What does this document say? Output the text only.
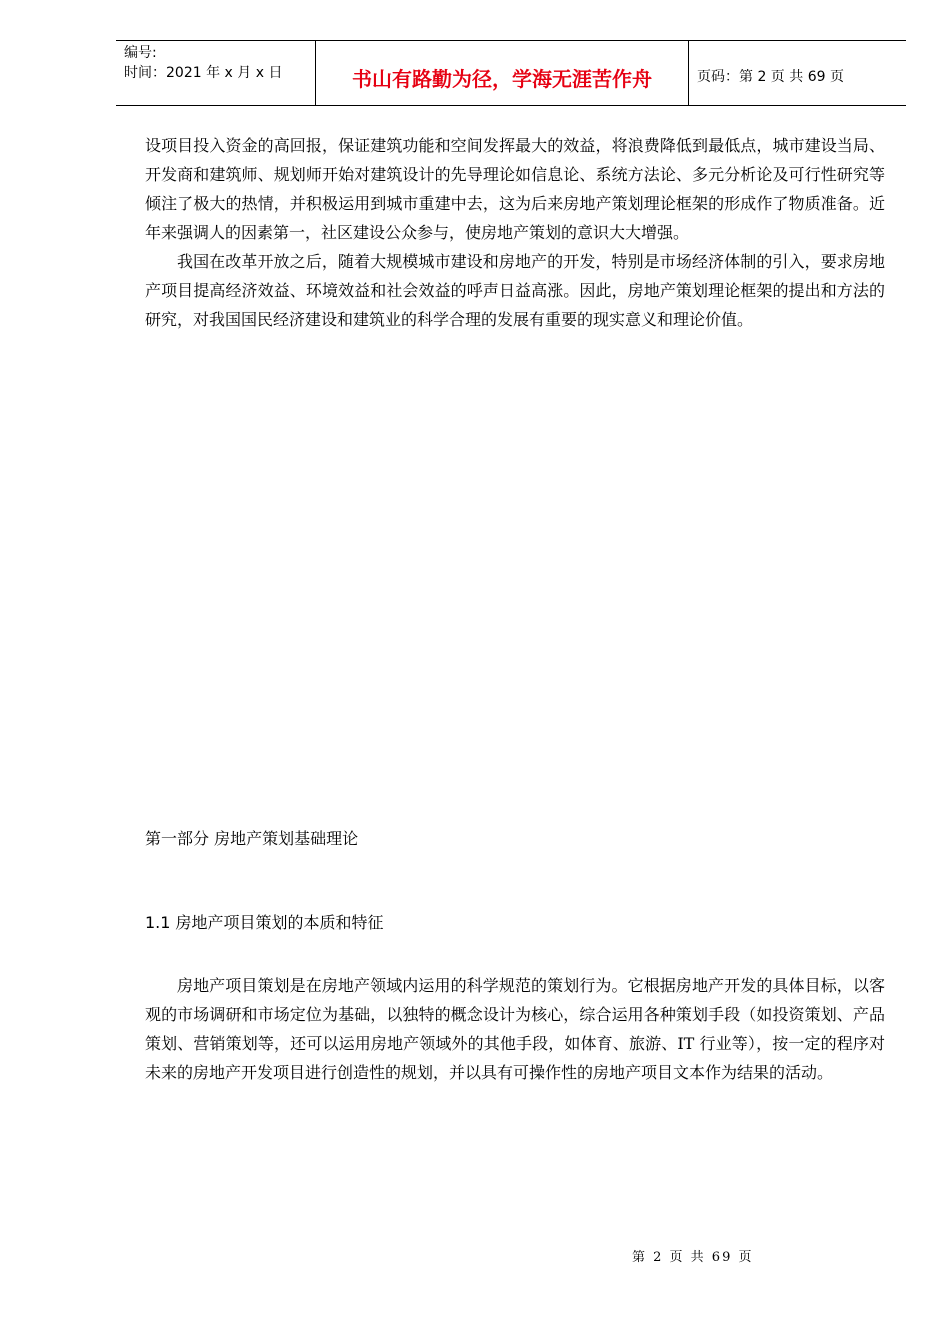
编号:
时间：2021 年 x 月 x 日	书山有路勤为径，学海无涯苦作舟	页码：第 2 页 共 69 页

设项目投入资金的高回报，保证建筑功能和空间发挥最大的效益，将浪费降低到最低点，城市建设当局、开发商和建筑师、规划师开始对建筑设计的先导理论如信息论、系统方法论、多元分析论及可行性研究等倾注了极大的热情，并积极运用到城市重建中去，这为后来房地产策划理论框架的形成作了物质准备。近年来强调人的因素第一，社区建设公众参与，使房地产策划的意识大大增强。

我国在改革开放之后，随着大规模城市建设和房地产的开发，特别是市场经济体制的引入，要求房地产项目提高经济效益、环境效益和社会效益的呼声日益高涨。因此，房地产策划理论框架的提出和方法的研究，对我国国民经济建设和建筑业的科学合理的发展有重要的现实意义和理论价值。

第一部分 房地产策划基础理论
1.1 房地产项目策划的本质和特征

房地产项目策划是在房地产领域内运用的科学规范的策划行为。它根据房地产开发的具体目标，以客观的市场调研和市场定位为基础，以独特的概念设计为核心，综合运用各种策划手段（如投资策划、产品策划、营销策划等，还可以运用房地产领域外的其他手段，如体育、旅游、IT 行业等），按一定的程序对未来的房地产开发项目进行创造性的规划，并以具有可操作性的房地产项目文本作为结果的活动。

第 2 页 共 69 页
